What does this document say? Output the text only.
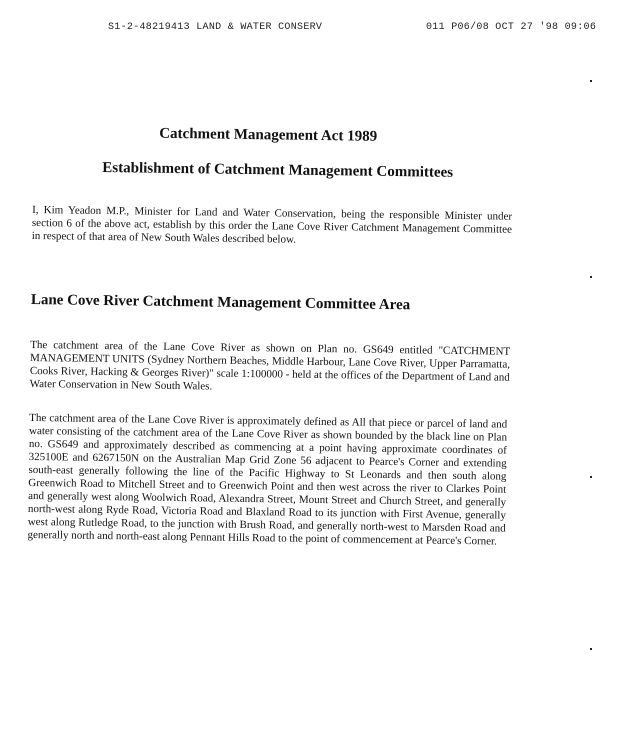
S1-2-48219413 LAND & WATER CONSERV	011 P06/08 OCT 27 '98 09:06
Catchment Management Act 1989
Establishment of Catchment Management Committees
I, Kim Yeadon M.P., Minister for Land and Water Conservation, being the responsible Minister under section 6 of the above act, establish by this order the Lane Cove River Catchment Management Committee in respect of that area of New South Wales described below.
Lane Cove River Catchment Management Committee Area
The catchment area of the Lane Cove River as shown on Plan no. GS649 entitled "CATCHMENT MANAGEMENT UNITS (Sydney Northern Beaches, Middle Harbour, Lane Cove River, Upper Parramatta, Cooks River, Hacking & Georges River)" scale 1:100000 - held at the offices of the Department of Land and Water Conservation in New South Wales.
The catchment area of the Lane Cove River is approximately defined as All that piece or parcel of land and water consisting of the catchment area of the Lane Cove River as shown bounded by the black line on Plan no. GS649 and approximately described as commencing at a point having approximate coordinates of 325100E and 6267150N on the Australian Map Grid Zone 56 adjacent to Pearce's Corner and extending south-east generally following the line of the Pacific Highway to St Leonards and then south along Greenwich Road to Mitchell Street and to Greenwich Point and then west across the river to Clarkes Point and generally west along Woolwich Road, Alexandra Street, Mount Street and Church Street, and generally north-west along Ryde Road, Victoria Road and Blaxland Road to its junction with First Avenue, generally west along Rutledge Road, to the junction with Brush Road, and generally north-west to Marsden Road and generally north and north-east along Pennant Hills Road to the point of commencement at Pearce's Corner.
